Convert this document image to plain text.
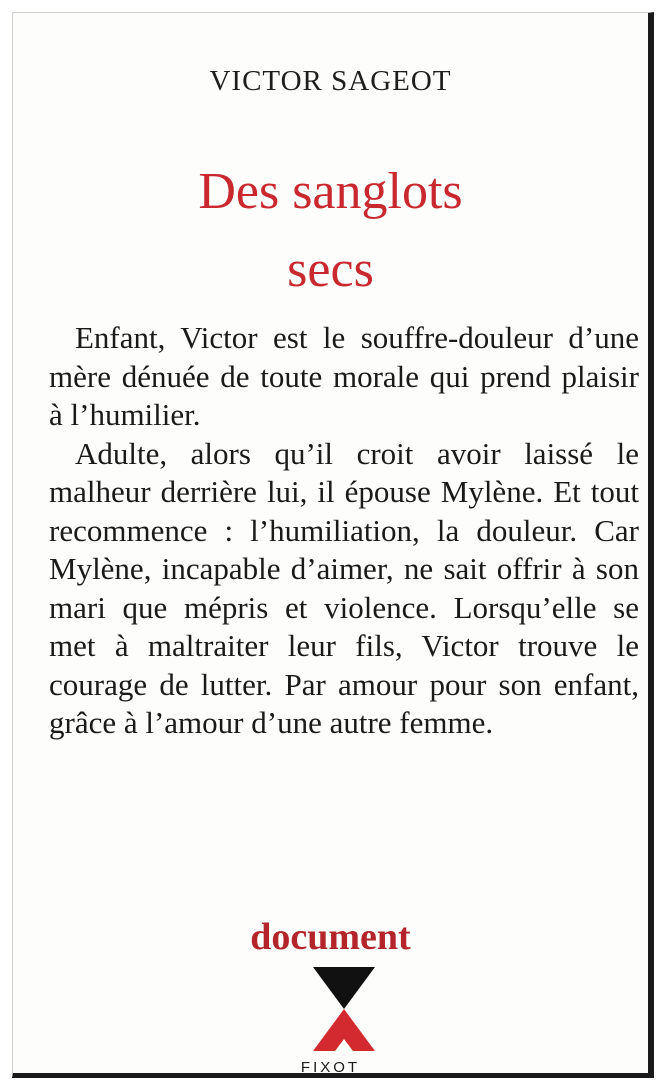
VICTOR SAGEOT
Des sanglots
secs

Enfant, Victor est le souffre-douleur d’une mère dénuée de toute morale qui prend plaisir à l’humilier.

Adulte, alors qu’il croit avoir laissé le malheur derrière lui, il épouse Mylène. Et tout recommence : l’humiliation, la douleur. Car Mylène, incapable d’aimer, ne sait offrir à son mari que mépris et violence. Lorsqu’elle se met à maltraiter leur fils, Victor trouve le courage de lutter. Par amour pour son enfant, grâce à l’amour d’une autre femme.

document
FIXOT
